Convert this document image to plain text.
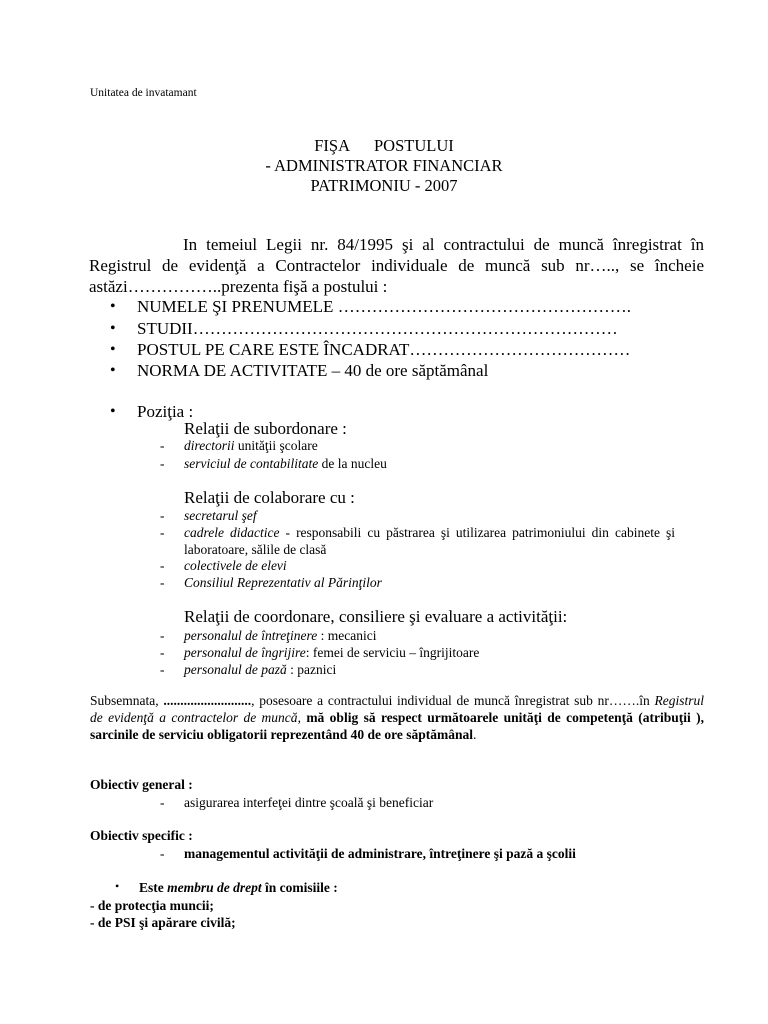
Unitatea de invatamant
FIŞA POSTULUI
- ADMINISTRATOR FINANCIAR
PATRIMONIU - 2007

In temeiul Legii nr. 84/1995 şi al contractului de muncă înregistrat în Registrul de evidenţă a Contractelor individuale de muncă sub nr….., se încheie astăzi……………..prezenta fişă a postului :

• NUMELE ŞI PRENUMELE …………………………………………….
• STUDII…………………………………………………………………
• POSTUL PE CARE ESTE ÎNCADRAT…………………………………
• NORMA DE ACTIVITATE – 40 de ore săptămânal
• Poziţia :
Relaţii de subordonare :
- directorii unităţii şcolare
- serviciul de contabilitate de la nucleu
Relaţii de colaborare cu :
- secretarul şef
- cadrele didactice - responsabili cu păstrarea şi utilizarea patrimoniului din cabinete şi laboratoare, sălile de clasă
- colectivele de elevi
- Consiliul Reprezentativ al Părinţilor
Relaţii de coordonare, consiliere şi evaluare a activităţii:
- personalul de întreţinere : mecanici
- personalul de îngrijire: femei de serviciu – îngrijitoare
- personalul de pază : paznici

Subsemnata, .........................., posesoare a contractului individual de muncă înregistrat sub nr…….în Registrul de evidenţă a contractelor de muncă, mă oblig să respect următoarele unităţi de competenţă (atribuţii ), sarcinile de serviciu obligatorii reprezentând 40 de ore săptămânal.

Obiectiv general :
- asigurarea interfeţei dintre şcoală şi beneficiar
Obiectiv specific :
- managementul activităţii de administrare, întreţinere şi pază a şcolii
• Este membru de drept în comisiile :
- de protecţia muncii;
- de PSI şi apărare civilă;
